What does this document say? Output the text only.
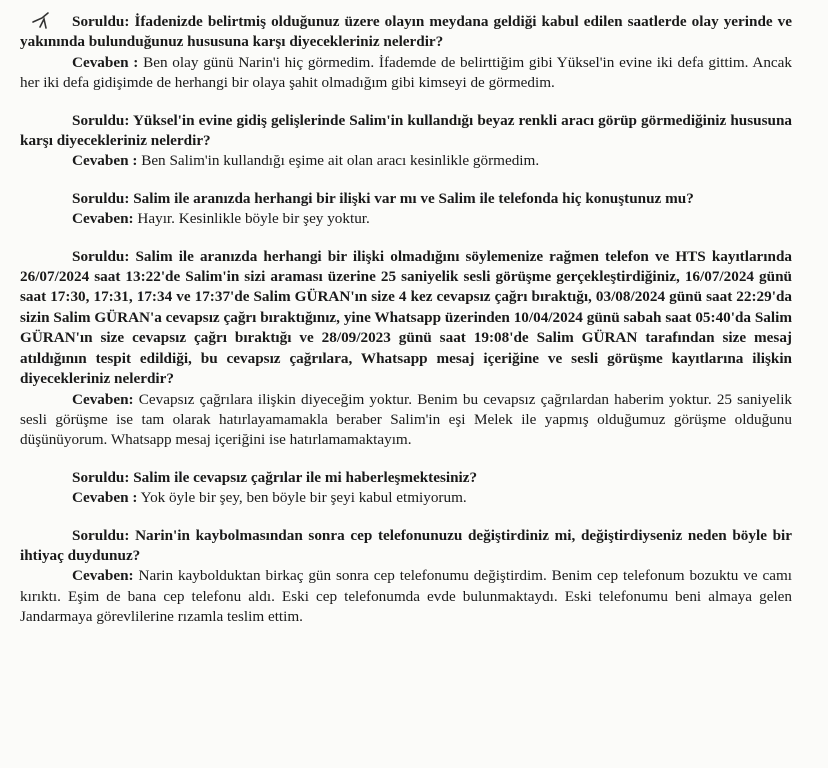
Soruldu: İfadenizde belirtmiş olduğunuz üzere olayın meydana geldiği kabul edilen saatlerde olay yerinde ve yakınında bulunduğunuz hususuna karşı diyecekleriniz nelerdir?

Cevaben : Ben olay günü Narin'i hiç görmedim. İfademde de belirttiğim gibi Yüksel'in evine iki defa gittim. Ancak her iki defa gidişimde de herhangi bir olaya şahit olmadığım gibi kimseyi de görmedim.

Soruldu: Yüksel'in evine gidiş gelişlerinde Salim'in kullandığı beyaz renkli aracı görüp görmediğiniz hususuna karşı diyecekleriniz nelerdir?

Cevaben : Ben Salim'in kullandığı eşime ait olan aracı kesinlikle görmedim.

Soruldu: Salim ile aranızda herhangi bir ilişki var mı ve Salim ile telefonda hiç konuştunuz mu?

Cevaben: Hayır. Kesinlikle böyle bir şey yoktur.

Soruldu: Salim ile aranızda herhangi bir ilişki olmadığını söylemenize rağmen telefon ve HTS kayıtlarında 26/07/2024 saat 13:22'de Salim'in sizi araması üzerine 25 saniyelik sesli görüşme gerçekleştirdiğiniz, 16/07/2024 günü saat 17:30, 17:31, 17:34 ve 17:37'de Salim GÜRAN'ın size 4 kez cevapsız çağrı bıraktığı, 03/08/2024 günü saat 22:29'da sizin Salim GÜRAN'a cevapsız çağrı bıraktığınız, yine Whatsapp üzerinden 10/04/2024 günü sabah saat 05:40'da Salim GÜRAN'ın size cevapsız çağrı bıraktığı ve 28/09/2023 günü saat 19:08'de Salim GÜRAN tarafından size mesaj atıldığının tespit edildiği, bu cevapsız çağrılara, Whatsapp mesaj içeriğine ve sesli görüşme kayıtlarına ilişkin diyecekleriniz nelerdir?

Cevaben: Cevapsız çağrılara ilişkin diyeceğim yoktur. Benim bu cevapsız çağrılardan haberim yoktur. 25 saniyelik sesli görüşme ise tam olarak hatırlayamamakla beraber Salim'in eşi Melek ile yapmış olduğumuz görüşme olduğunu düşünüyorum. Whatsapp mesaj içeriğini ise hatırlamamaktayım.

Soruldu: Salim ile cevapsız çağrılar ile mi haberleşmektesiniz?

Cevaben : Yok öyle bir şey, ben böyle bir şeyi kabul etmiyorum.

Soruldu: Narin'in kaybolmasından sonra cep telefonunuzu değiştirdiniz mi, değiştirdiyseniz neden böyle bir ihtiyaç duydunuz?

Cevaben: Narin kaybolduktan birkaç gün sonra cep telefonumu değiştirdim. Benim cep telefonum bozuktu ve camı kırıktı. Eşim de bana cep telefonu aldı. Eski cep telefonumda evde bulunmaktaydı. Eski telefonumu beni almaya gelen Jandarmaya görevlilerine rızamla teslim ettim.
